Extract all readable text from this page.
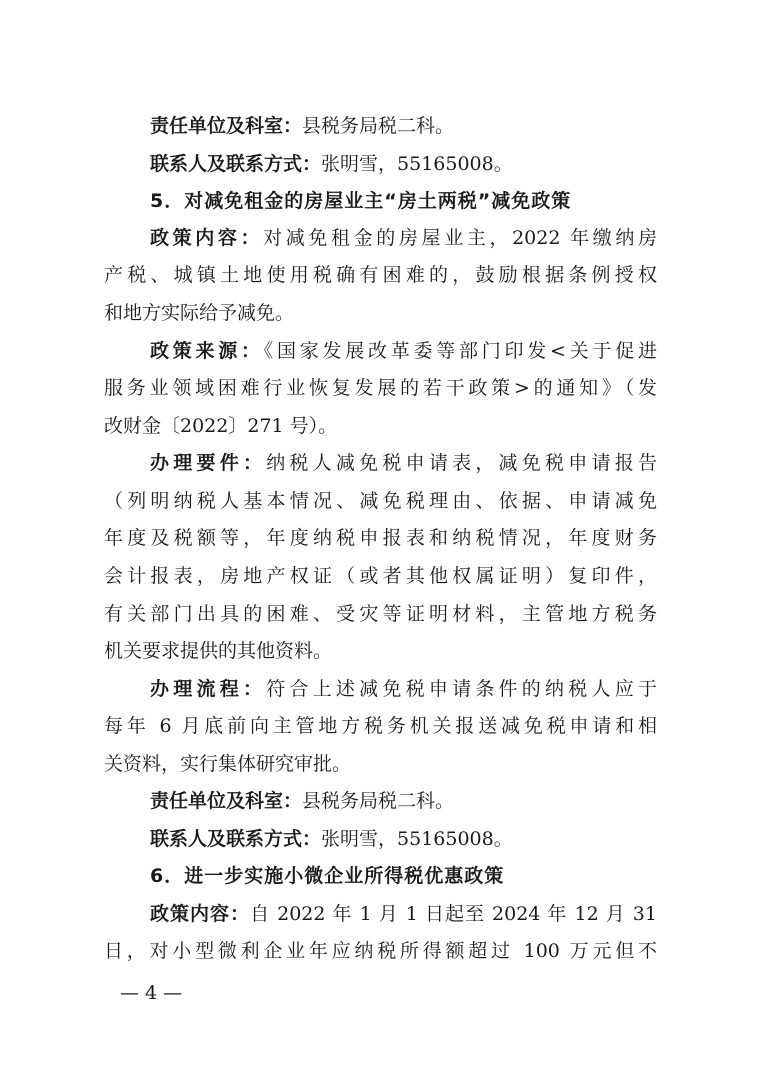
责任单位及科室：县税务局税二科。
联系人及联系方式：张明雪，55165008。
5．对减免租金的房屋业主“房土两税”减免政策
政策内容：对减免租金的房屋业主，2022 年缴纳房
产税、城镇土地使用税确有困难的，鼓励根据条例授权
和地方实际给予减免。
政策来源：《国家发展改革委等部门印发<关于促进
服务业领域困难行业恢复发展的若干政策>的通知》（发
改财金〔2022〕271 号）。
办理要件：纳税人减免税申请表，减免税申请报告
（列明纳税人基本情况、减免税理由、依据、申请减免
年度及税额等，年度纳税申报表和纳税情况，年度财务
会计报表，房地产权证（或者其他权属证明）复印件，
有关部门出具的困难、受灾等证明材料，主管地方税务
机关要求提供的其他资料。
办理流程：符合上述减免税申请条件的纳税人应于
每年 6 月底前向主管地方税务机关报送减免税申请和相
关资料，实行集体研究审批。
责任单位及科室：县税务局税二科。
联系人及联系方式：张明雪，55165008。
6．进一步实施小微企业所得税优惠政策
政策内容：自 2022 年 1 月 1 日起至 2024 年 12 月 31
日，对小型微利企业年应纳税所得额超过 100 万元但不
— 4 —
